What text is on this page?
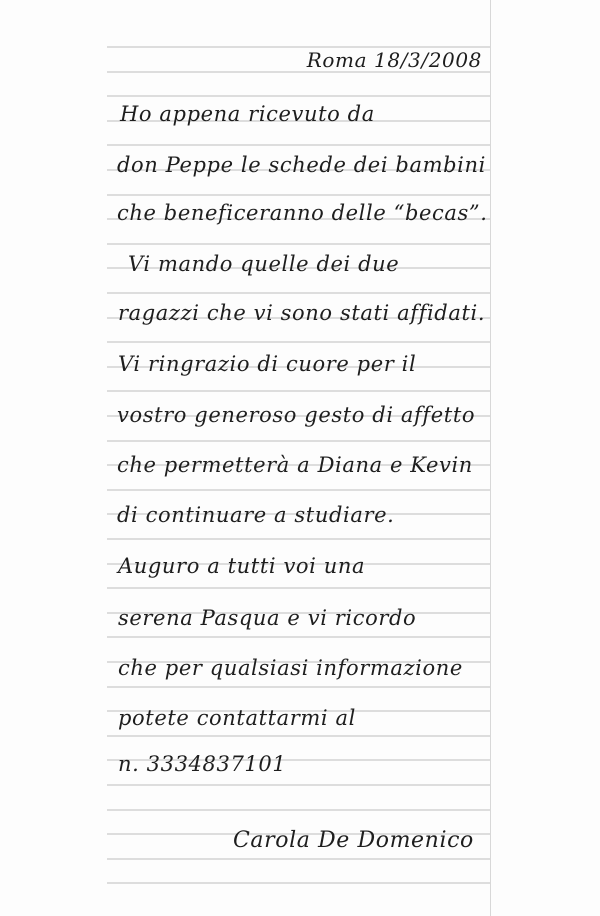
Roma 18/3/2008

Ho appena ricevuto da

don Peppe le schede dei bambini

che beneficeranno delle “becas”.

Vi mando quelle dei due

ragazzi che vi sono stati affidati.

Vi ringrazio di cuore per il

vostro generoso gesto di affetto

che permetterà a Diana e Kevin

di continuare a studiare.

Auguro a tutti voi una

serena Pasqua e vi ricordo

che per qualsiasi informazione

potete contattarmi al

n. 3334837101

Carola De Domenico
